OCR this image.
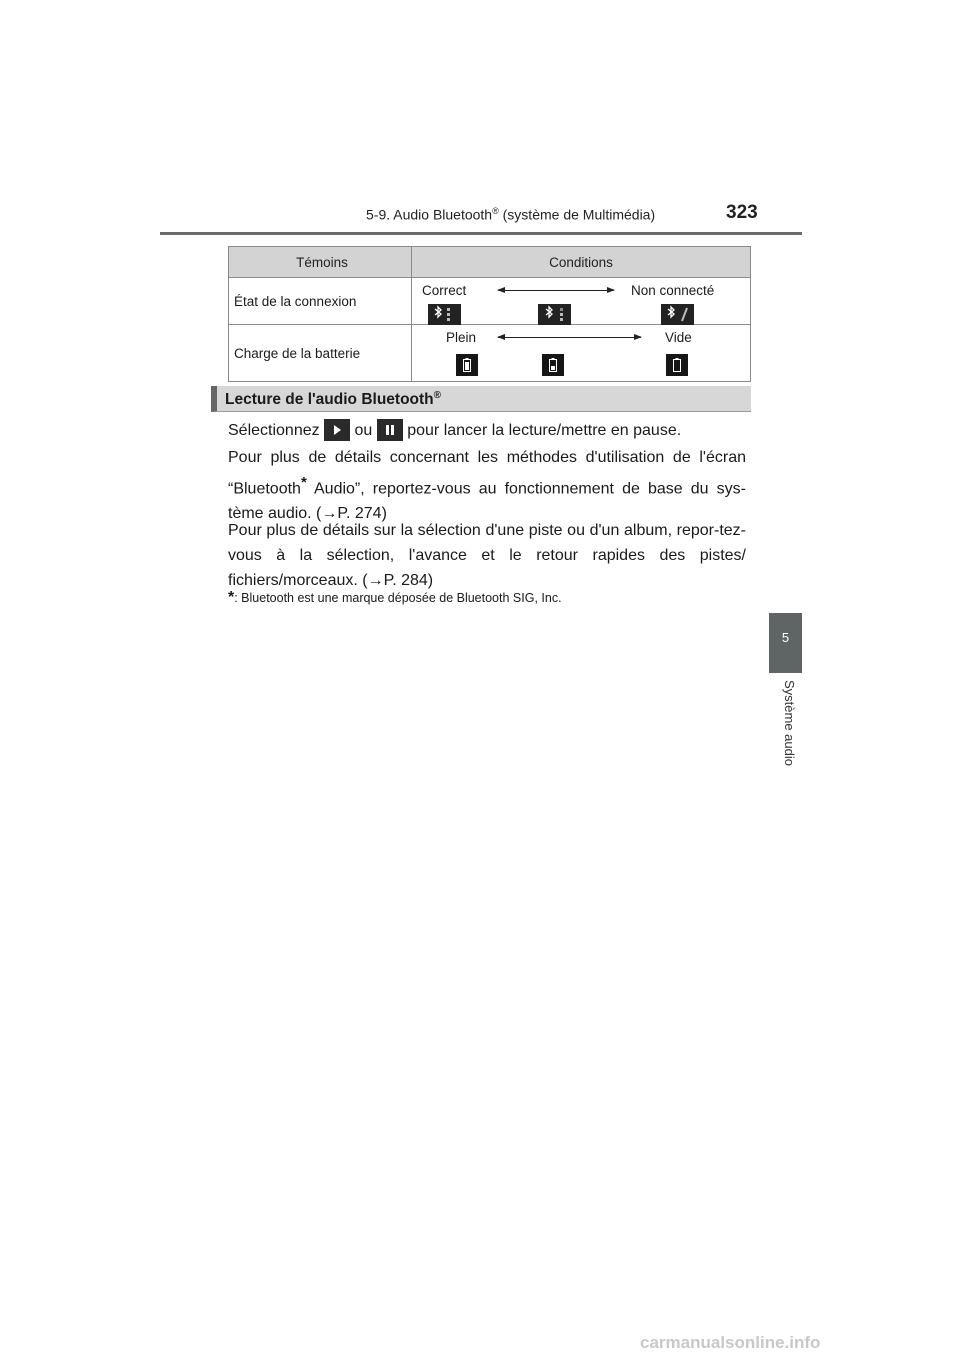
5-9. Audio Bluetooth® (système de Multimédia)	323
5
Système audio
Témoins	Conditions
État de la connexion	Correct Non connecté

Charge de la batterie	Plein Vide
Lecture de l'audio Bluetooth®
Sélectionnez ou pour lancer la lecture/mettre en pause.
Pour plus de détails concernant les méthodes d'utilisation de l'écran “Bluetooth* Audio”, reportez-vous au fonctionnement de base du sys-tème audio. (→P. 274)
Pour plus de détails sur la sélection d'une piste ou d'un album, repor-tez-vous à la sélection, l'avance et le retour rapides des pistes/ fichiers/morceaux. (→P. 284)
*: Bluetooth est une marque déposée de Bluetooth SIG, Inc.
carmanualsonline.info
